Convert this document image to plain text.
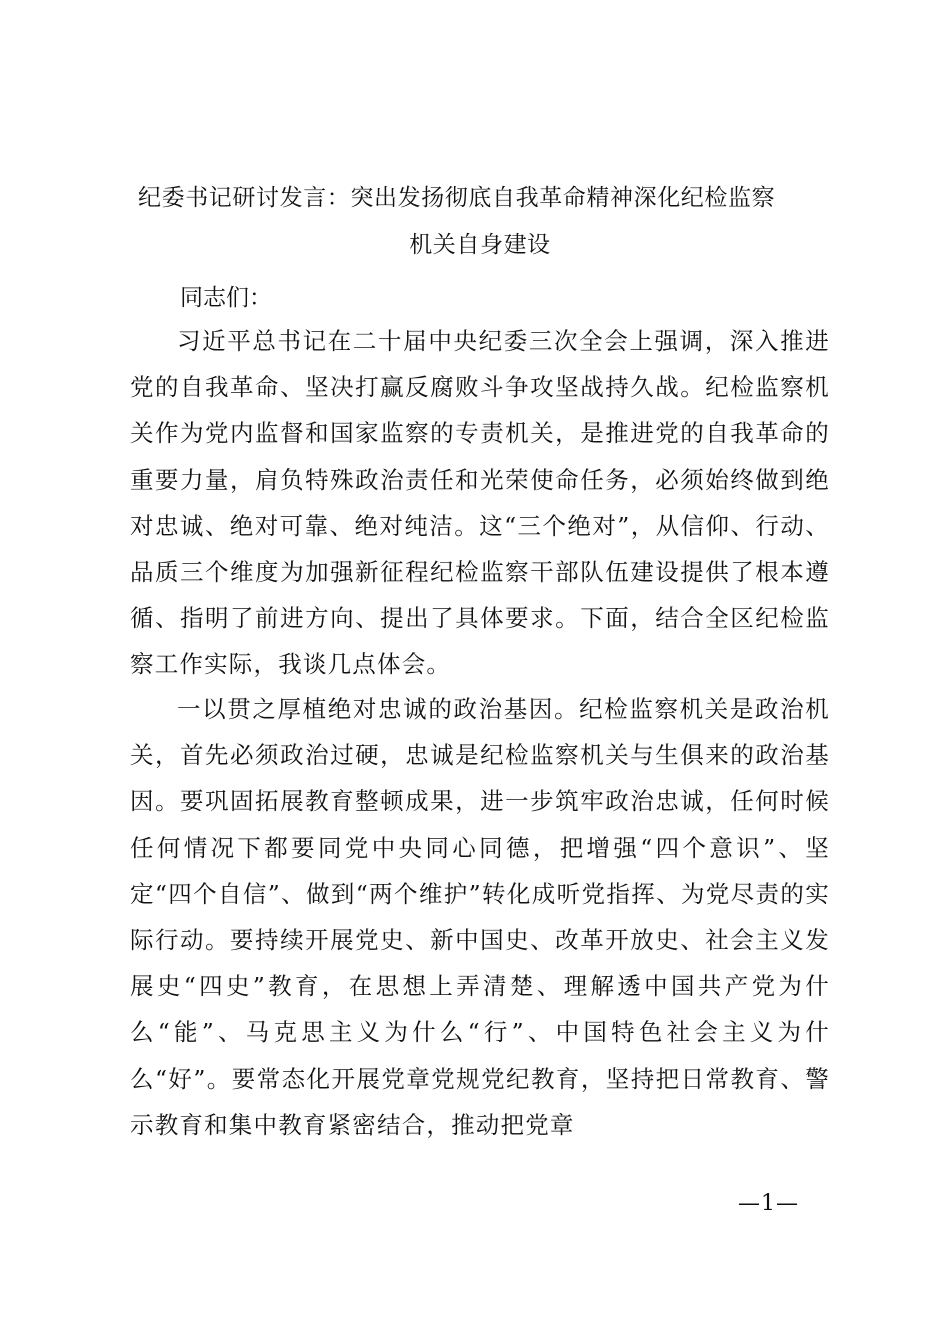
纪委书记研讨发言：突出发扬彻底自我革命精神深化纪检监察
机关自身建设
同志们：
习近平总书记在二十届中央纪委三次全会上强调，深入推进党的自我革命、坚决打赢反腐败斗争攻坚战持久战。纪检监察机关作为党内监督和国家监察的专责机关，是推进党的自我革命的重要力量，肩负特殊政治责任和光荣使命任务，必须始终做到绝对忠诚、绝对可靠、绝对纯洁。这“三个绝对”，从信仰、行动、品质三个维度为加强新征程纪检监察干部队伍建设提供了根本遵循、指明了前进方向、提出了具体要求。下面，结合全区纪检监察工作实际，我谈几点体会。
一以贯之厚植绝对忠诚的政治基因。纪检监察机关是政治机关，首先必须政治过硬，忠诚是纪检监察机关与生俱来的政治基因。要巩固拓展教育整顿成果，进一步筑牢政治忠诚，任何时候任何情况下都要同党中央同心同德，把增强“四个意识”、坚定“四个自信”、做到“两个维护”转化成听党指挥、为党尽责的实际行动。要持续开展党史、新中国史、改革开放史、社会主义发展史“四史”教育，在思想上弄清楚、理解透中国共产党为什么“能”、马克思主义为什么“行”、中国特色社会主义为什么“好”。要常态化开展党章党规党纪教育，坚持把日常教育、警示教育和集中教育紧密结合，推动把党章
—1—
